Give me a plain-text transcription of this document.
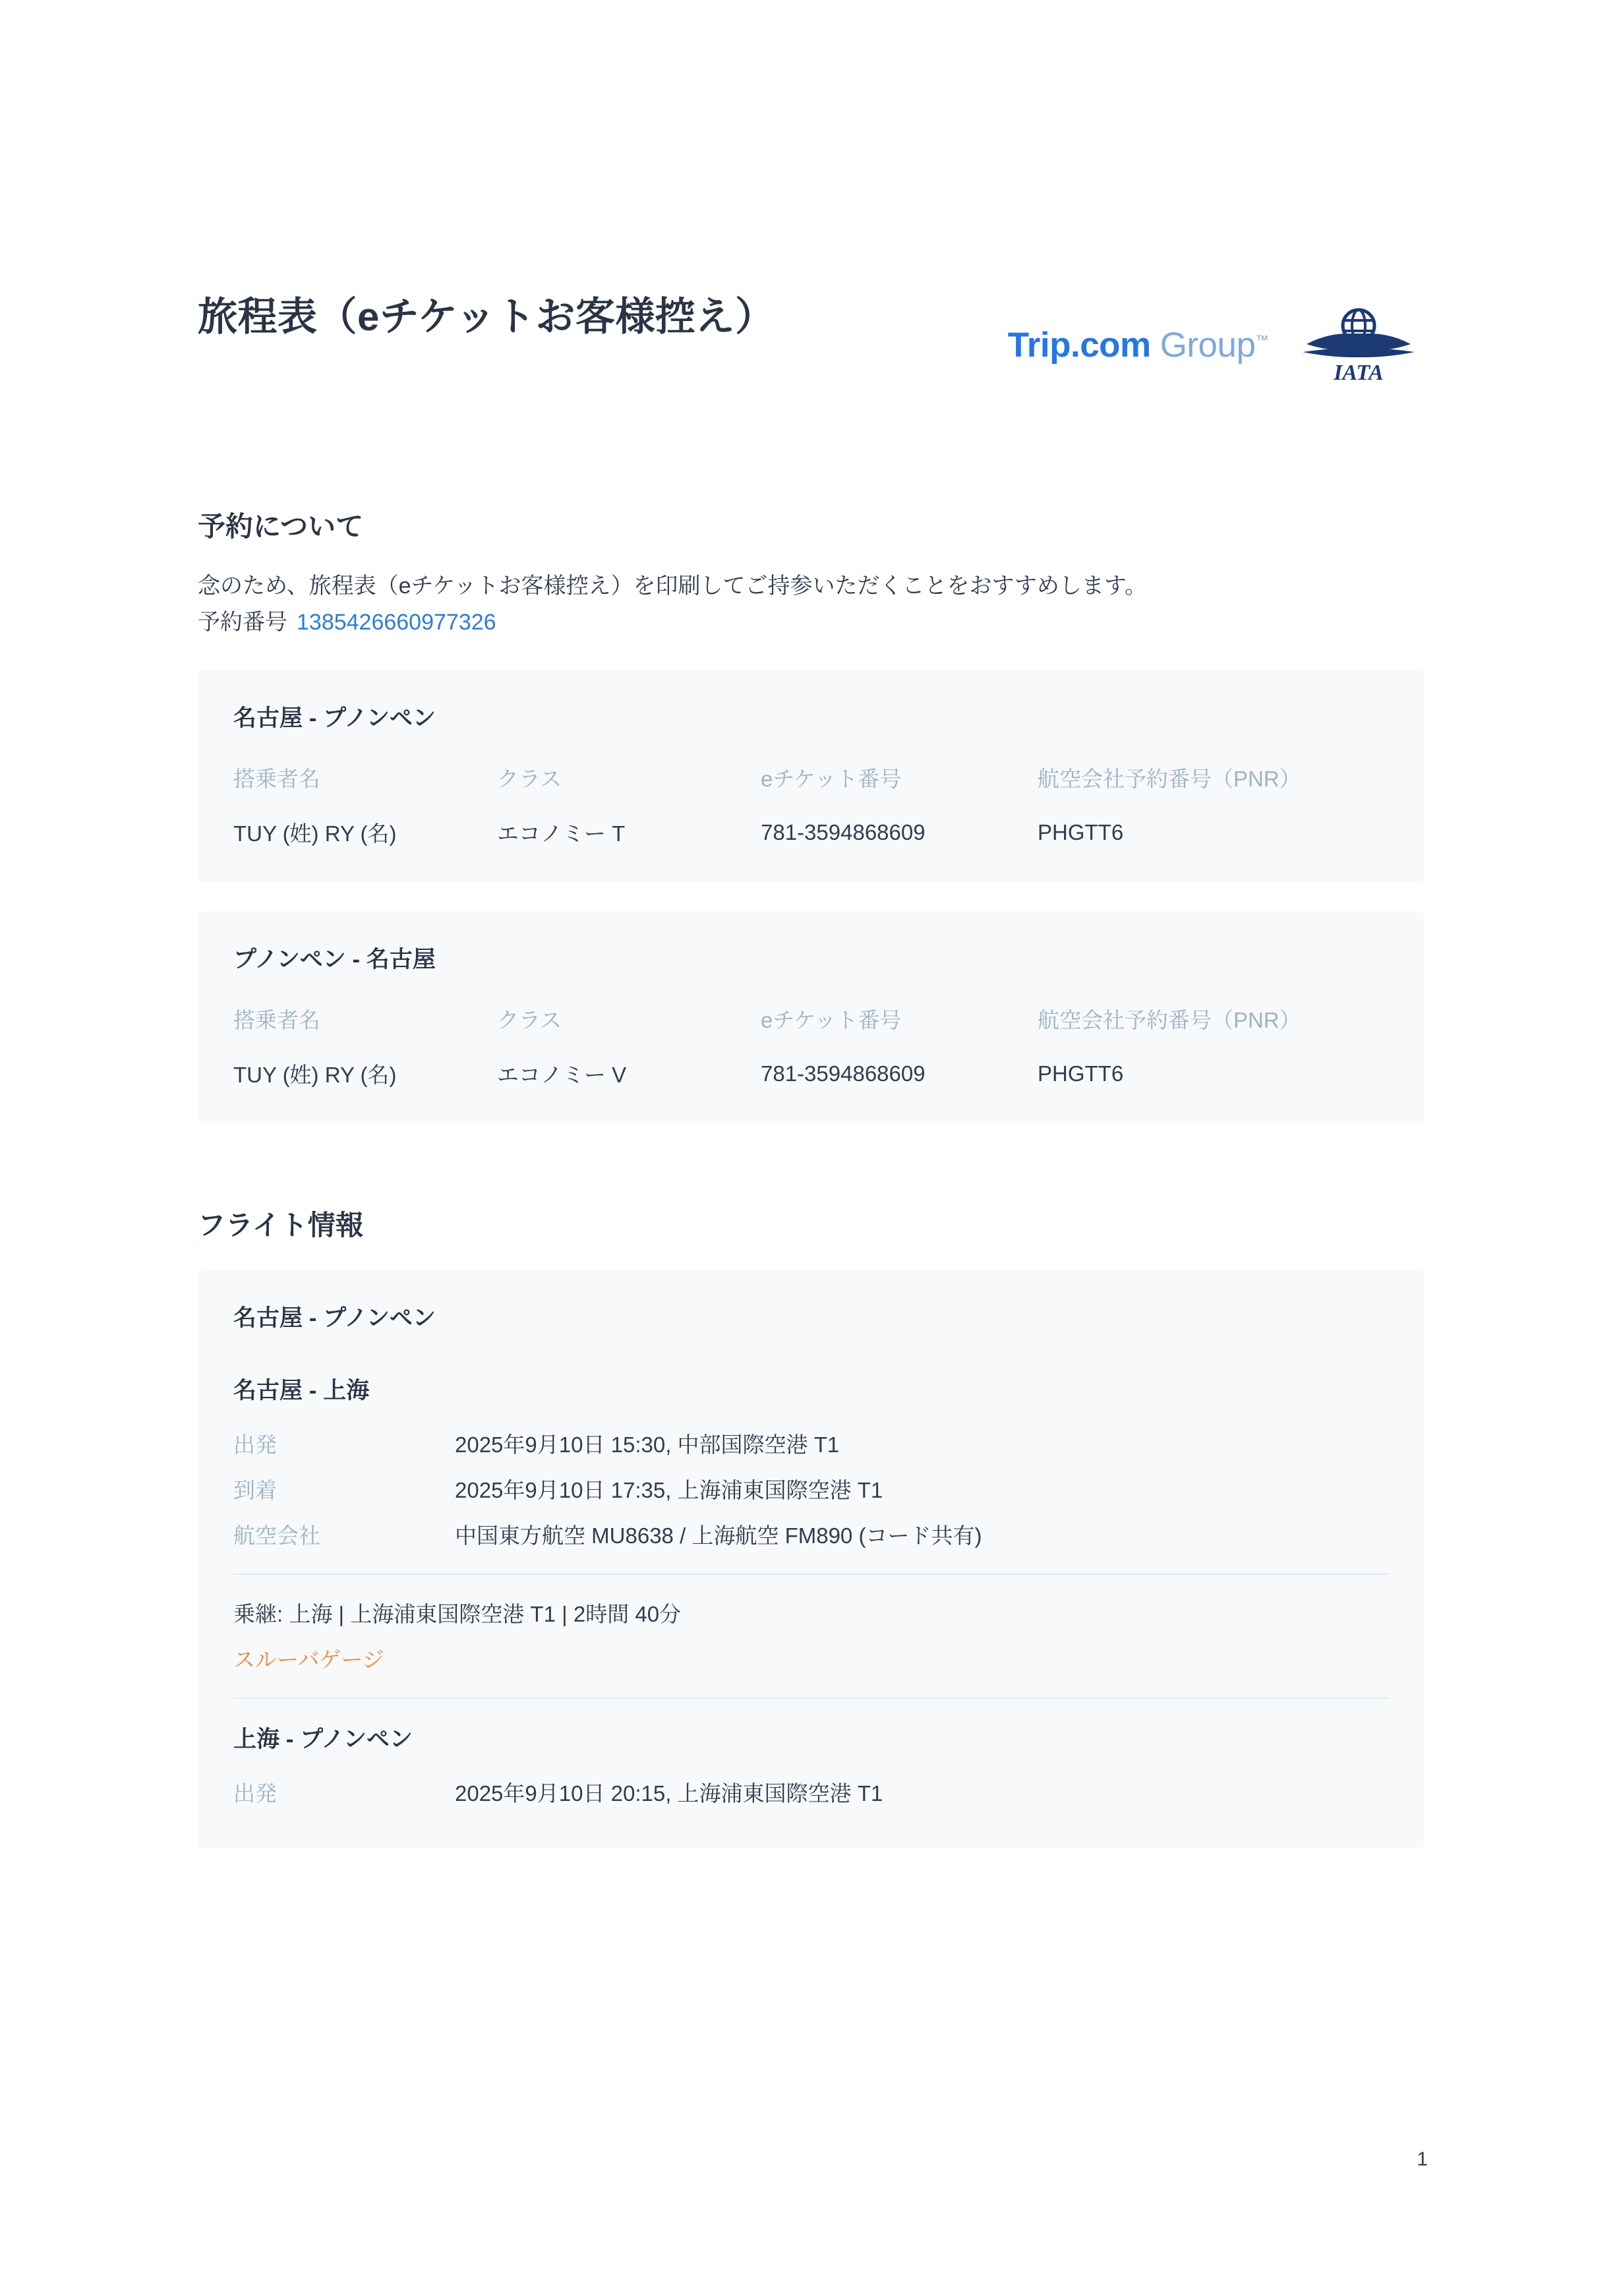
旅程表（eチケットお客様控え）
Trip.com Group™
IATA
予約について

念のため、旅程表（eチケットお客様控え）を印刷してご持参いただくことをおすすめします。

予約番号 1385426660977326

名古屋 - プノンペン
搭乗者名	クラス	eチケット番号	航空会社予約番号（PNR）
TUY (姓) RY (名)	エコノミー T	781-3594868609	PHGTT6
プノンペン - 名古屋
搭乗者名	クラス	eチケット番号	航空会社予約番号（PNR）
TUY (姓) RY (名)	エコノミー V	781-3594868609	PHGTT6
フライト情報
名古屋 - プノンペン
名古屋 - 上海
出発	2025年9月10日 15:30, 中部国際空港 T1
到着	2025年9月10日 17:35, 上海浦東国際空港 T1
航空会社	中国東方航空 MU8638 / 上海航空 FM890 (コード共有)

乗継: 上海 | 上海浦東国際空港 T1 | 2時間 40分

スルーバゲージ

上海 - プノンペン
出発	2025年9月10日 20:15, 上海浦東国際空港 T1
1
